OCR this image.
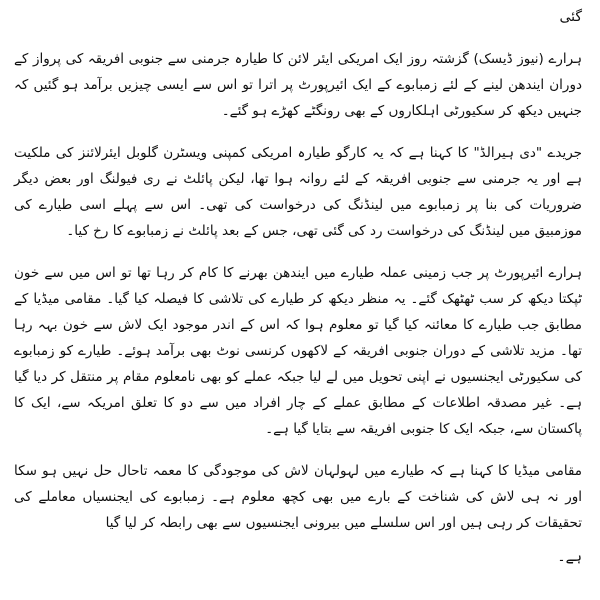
گئی

ہرارے (نیوز ڈیسک) گزشتہ روز ایک امریکی ایئر لائن کا طیارہ جرمنی سے جنوبی افریقہ کی پرواز کے دوران ایندھن لینے کے لئے زمبابوے کے ایک ائیرپورٹ پر اترا تو اس سے ایسی چیزیں برآمد ہو گئیں کہ جنہیں دیکھ کر سکیورٹی اہلکاروں کے بھی رونگٹے کھڑے ہو گئے۔

جریدے "دی ہیرالڈ" کا کہنا ہے کہ یہ کارگو طیارہ امریکی کمپنی ویسٹرن گلوبل ایئرلائنز کی ملکیت ہے اور یہ جرمنی سے جنوبی افریقہ کے لئے روانہ ہوا تھا، لیکن پائلٹ نے ری فیولنگ اور بعض دیگر ضروریات کی بنا پر زمبابوے میں لینڈنگ کی درخواست کی تھی۔ اس سے پہلے اسی طیارے کی موزمبیق میں لینڈنگ کی درخواست رد کی گئی تھی، جس کے بعد پائلٹ نے زمبابوے کا رخ کیا۔

ہرارے ائیرپورٹ پر جب زمینی عملہ طیارے میں ایندھن بھرنے کا کام کر رہا تھا تو اس میں سے خون ٹپکتا دیکھ کر سب ٹھٹھک گئے۔ یہ منظر دیکھ کر طیارے کی تلاشی کا فیصلہ کیا گیا۔ مقامی میڈیا کے مطابق جب طیارے کا معائنہ کیا گیا تو معلوم ہوا کہ اس کے اندر موجود ایک لاش سے خون بہہ رہا تھا۔ مزید تلاشی کے دوران جنوبی افریقہ کے لاکھوں کرنسی نوٹ بھی برآمد ہوئے۔ طیارے کو زمبابوے کی سکیورٹی ایجنسیوں نے اپنی تحویل میں لے لیا جبکہ عملے کو بھی نامعلوم مقام پر منتقل کر دیا گیا ہے۔ غیر مصدقہ اطلاعات کے مطابق عملے کے چار افراد میں سے دو کا تعلق امریکہ سے، ایک کا پاکستان سے، جبکہ ایک کا جنوبی افریقہ سے بتایا گیا ہے۔

مقامی میڈیا کا کہنا ہے کہ طیارے میں لہولہان لاش کی موجودگی کا معمہ تاحال حل نہیں ہو سکا اور نہ ہی لاش کی شناخت کے بارے میں بھی کچھ معلوم ہے۔ زمبابوے کی ایجنسیاں معاملے کی تحقیقات کر رہی ہیں اور اس سلسلے میں بیرونی ایجنسیوں سے بھی رابطہ کر لیا گیا

ہے۔
